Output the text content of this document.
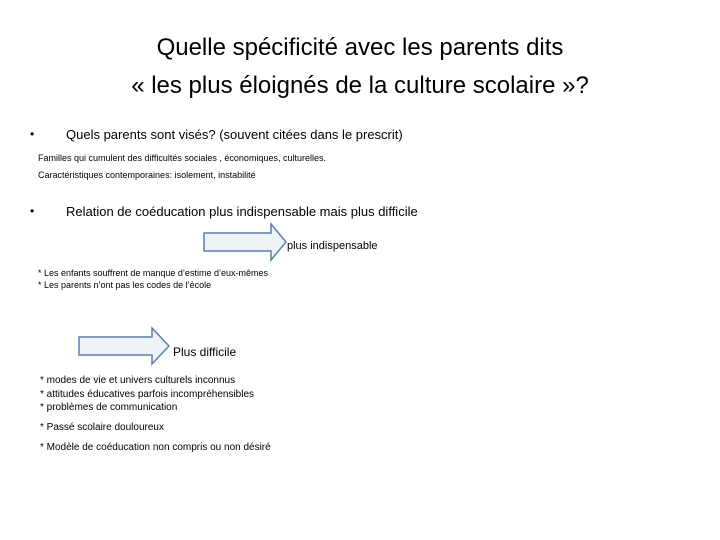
Quelle spécificité avec les parents dits
« les plus éloignés de la culture scolaire »?
• Quels parents sont visés? (souvent citées dans le prescrit)
Familles qui cumulent des difficultés sociales , économiques, culturelles.
Caractéristiques contemporaines: isolement, instabilité
• Relation de coéducation plus indispensable mais plus difficile
plus indispensable
* Les enfants souffrent de manque d’estime d’eux-mêmes
* Les parents n’ont pas les codes de l’école
Plus difficile
* modes de vie et univers culturels inconnus
* attitudes éducatives parfois incompréhensibles
* problèmes de communication
* Passé scolaire douloureux
* Modèle de coéducation non compris ou non désiré
